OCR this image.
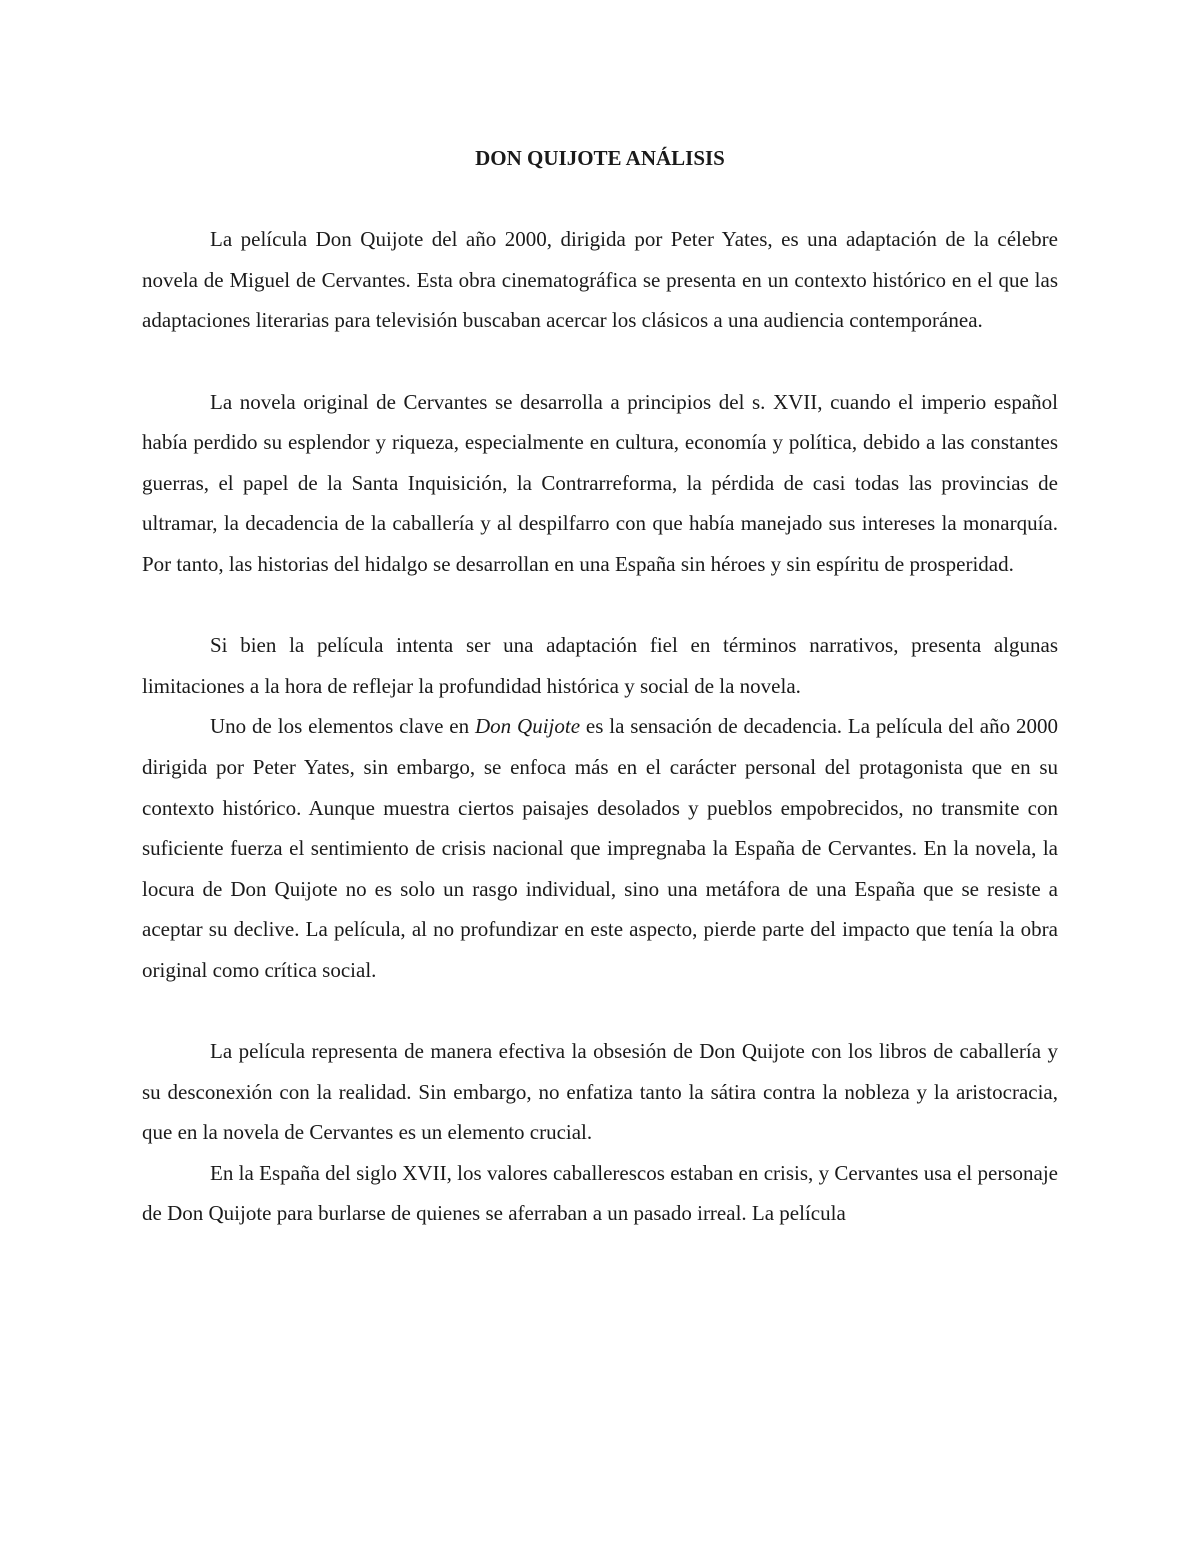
DON QUIJOTE ANÁLISIS

La película Don Quijote del año 2000, dirigida por Peter Yates, es una adaptación de la célebre novela de Miguel de Cervantes. Esta obra cinematográfica se presenta en un contexto histórico en el que las adaptaciones literarias para televisión buscaban acercar los clásicos a una audiencia contemporánea.

La novela original de Cervantes se desarrolla a principios del s. XVII, cuando el imperio español había perdido su esplendor y riqueza, especialmente en cultura, economía y política, debido a las constantes guerras, el papel de la Santa Inquisición, la Contrarreforma, la pérdida de casi todas las provincias de ultramar, la decadencia de la caballería y al despilfarro con que había manejado sus intereses la monarquía. Por tanto, las historias del hidalgo se desarrollan en una España sin héroes y sin espíritu de prosperidad.

Si bien la película intenta ser una adaptación fiel en términos narrativos, presenta algunas limitaciones a la hora de reflejar la profundidad histórica y social de la novela.

Uno de los elementos clave en Don Quijote es la sensación de decadencia. La película del año 2000 dirigida por Peter Yates, sin embargo, se enfoca más en el carácter personal del protagonista que en su contexto histórico. Aunque muestra ciertos paisajes desolados y pueblos empobrecidos, no transmite con suficiente fuerza el sentimiento de crisis nacional que impregnaba la España de Cervantes. En la novela, la locura de Don Quijote no es solo un rasgo individual, sino una metáfora de una España que se resiste a aceptar su declive. La película, al no profundizar en este aspecto, pierde parte del impacto que tenía la obra original como crítica social.

La película representa de manera efectiva la obsesión de Don Quijote con los libros de caballería y su desconexión con la realidad. Sin embargo, no enfatiza tanto la sátira contra la nobleza y la aristocracia, que en la novela de Cervantes es un elemento crucial.

En la España del siglo XVII, los valores caballerescos estaban en crisis, y Cervantes usa el personaje de Don Quijote para burlarse de quienes se aferraban a un pasado irreal. La película
